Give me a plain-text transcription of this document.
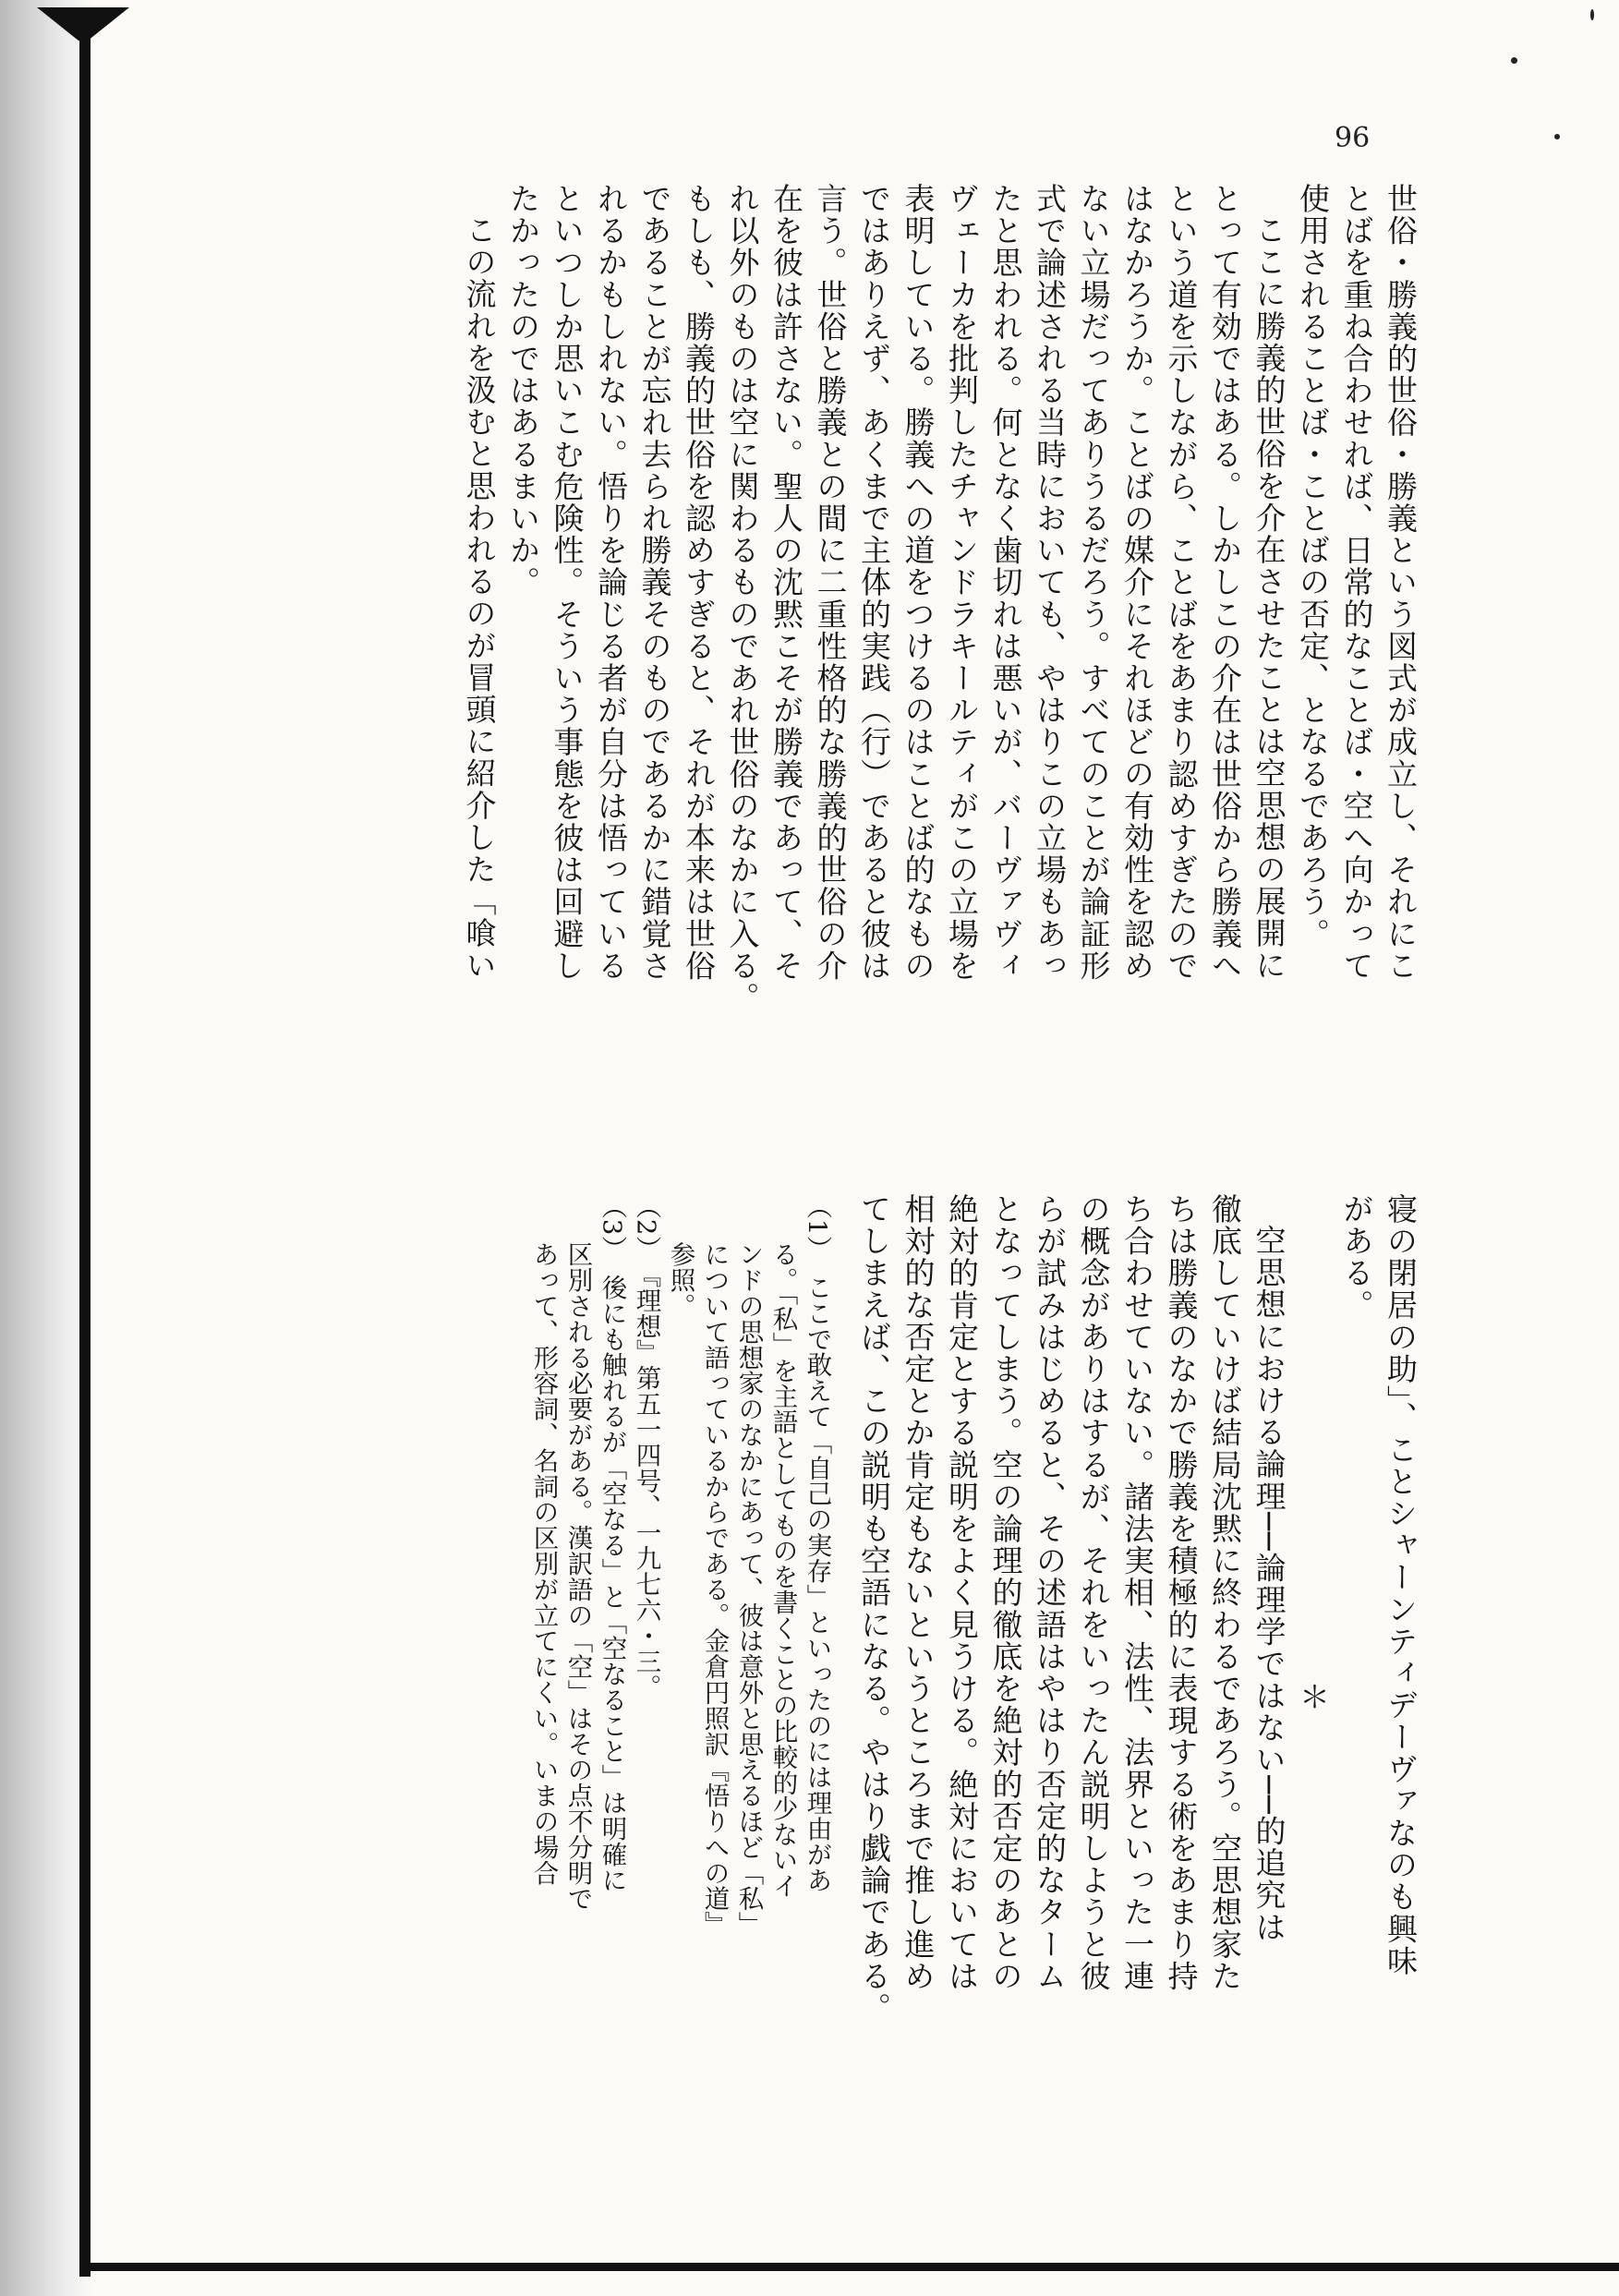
96
世俗・勝義的世俗・勝義という図式が成立し、それにこ
とばを重ね合わせれば、日常的なことば・空へ向かって
使用されることば・ことばの否定、となるであろう。
ここに勝義的世俗を介在させたことは空思想の展開に
とって有効ではある。しかしこの介在は世俗から勝義へ
という道を示しながら、ことばをあまり認めすぎたので
はなかろうか。ことばの媒介にそれほどの有効性を認め
ない立場だってありうるだろう。すべてのことが論証形
式で論述される当時においても、やはりこの立場もあっ
たと思われる。何となく歯切れは悪いが、バーヴァヴィ
ヴェーカを批判したチャンドラキールティがこの立場を
表明している。勝義への道をつけるのはことば的なもの
ではありえず、あくまで主体的実践（行）であると彼は
言う。世俗と勝義との間に二重性格的な勝義的世俗の介
在を彼は許さない。聖人の沈黙こそが勝義であって、そ
れ以外のものは空に関わるものであれ世俗のなかに入る。
もしも、勝義的世俗を認めすぎると、それが本来は世俗
であることが忘れ去られ勝義そのものであるかに錯覚さ
れるかもしれない。悟りを論じる者が自分は悟っている
といつしか思いこむ危険性。そういう事態を彼は回避し
たかったのではあるまいか。
この流れを汲むと思われるのが冒頭に紹介した「喰い
寝の閉居の助」、ことシャーンティデーヴァなのも興味
がある。
＊
空思想における論理──論理学ではない──的追究は
徹底していけば結局沈黙に終わるであろう。空思想家た
ちは勝義のなかで勝義を積極的に表現する術をあまり持
ち合わせていない。諸法実相、法性、法界といった一連
の概念がありはするが、それをいったん説明しようと彼
らが試みはじめると、その述語はやはり否定的なターム
となってしまう。空の論理的徹底を絶対的否定のあとの
絶対的肯定とする説明をよく見うける。絶対においては
相対的な否定とか肯定もないというところまで推し進め
てしまえば、この説明も空語になる。やはり戯論である。
（1）　ここで敢えて「自己の実存」といったのには理由があ
る。「私」を主語としてものを書くことの比較的少ないイ
ンドの思想家のなかにあって、彼は意外と思えるほど「私」
について語っているからである。金倉円照訳『悟りへの道』
参照。
（2）　『理想』第五一四号、一九七六・三。
（3）　後にも触れるが「空なる」と「空なること」は明確に
区別される必要がある。漢訳語の「空」はその点不分明で
あって、形容詞、名詞の区別が立てにくい。いまの場合
